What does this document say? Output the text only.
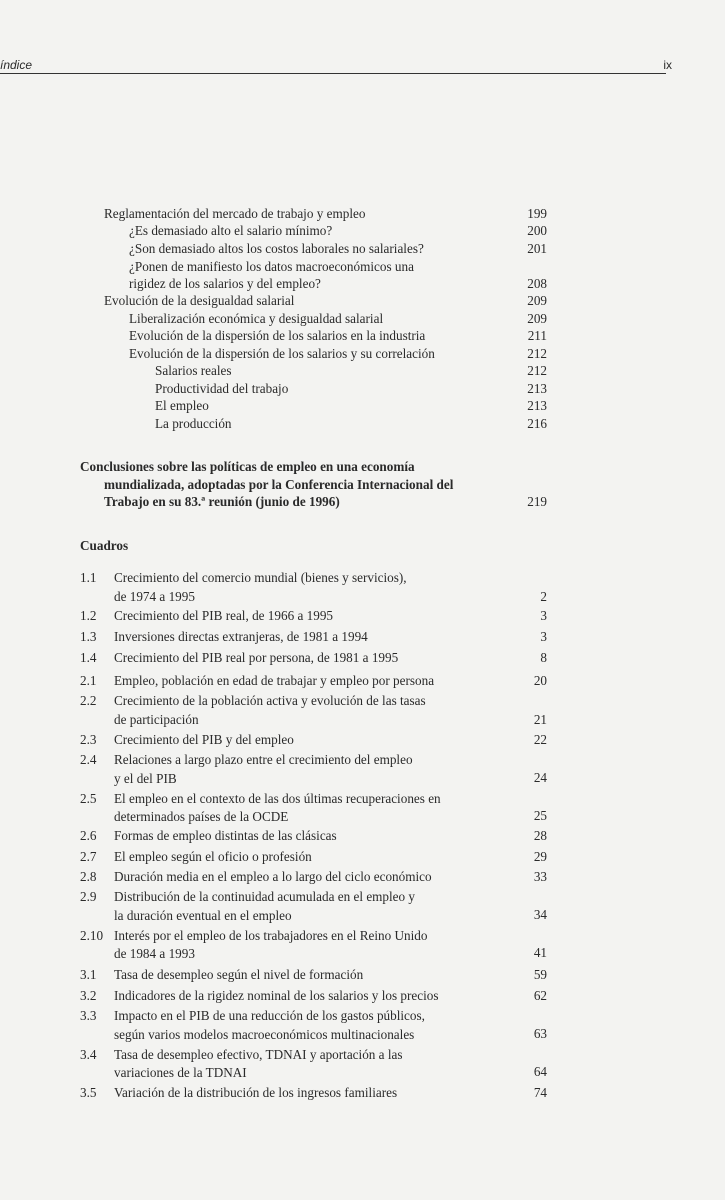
índice	ix
Reglamentación del mercado de trabajo y empleo	199
¿Es demasiado alto el salario mínimo?	200
¿Son demasiado altos los costos laborales no salariales?	201
¿Ponen de manifiesto los datos macroeconómicos una
rigidez de los salarios y del empleo?	208
Evolución de la desigualdad salarial	209
Liberalización económica y desigualdad salarial	209
Evolución de la dispersión de los salarios en la industria	211
Evolución de la dispersión de los salarios y su correlación	212
Salarios reales	212
Productividad del trabajo	213
El empleo	213
La producción	216
Conclusiones sobre las políticas de empleo en una economía
mundializada, adoptadas por la Conferencia Internacional del
Trabajo en su 83.ª reunión (junio de 1996)	219
Cuadros
1.1 Crecimiento del comercio mundial (bienes y servicios),
de 1974 a 1995	2
1.2 Crecimiento del PIB real, de 1966 a 1995	3
1.3 Inversiones directas extranjeras, de 1981 a 1994	3
1.4 Crecimiento del PIB real por persona, de 1981 a 1995	8
2.1 Empleo, población en edad de trabajar y empleo por persona	20
2.2 Crecimiento de la población activa y evolución de las tasas
de participación	21
2.3 Crecimiento del PIB y del empleo	22
2.4 Relaciones a largo plazo entre el crecimiento del empleo
y el del PIB	24
2.5 El empleo en el contexto de las dos últimas recuperaciones en
determinados países de la OCDE	25
2.6 Formas de empleo distintas de las clásicas	28
2.7 El empleo según el oficio o profesión	29
2.8 Duración media en el empleo a lo largo del ciclo económico	33
2.9 Distribución de la continuidad acumulada en el empleo y
la duración eventual en el empleo	34
2.10 Interés por el empleo de los trabajadores en el Reino Unido
de 1984 a 1993	41
3.1 Tasa de desempleo según el nivel de formación	59
3.2 Indicadores de la rigidez nominal de los salarios y los precios	62
3.3 Impacto en el PIB de una reducción de los gastos públicos,
según varios modelos macroeconómicos multinacionales	63
3.4 Tasa de desempleo efectivo, TDNAI y aportación a las
variaciones de la TDNAI	64
3.5 Variación de la distribución de los ingresos familiares	74
